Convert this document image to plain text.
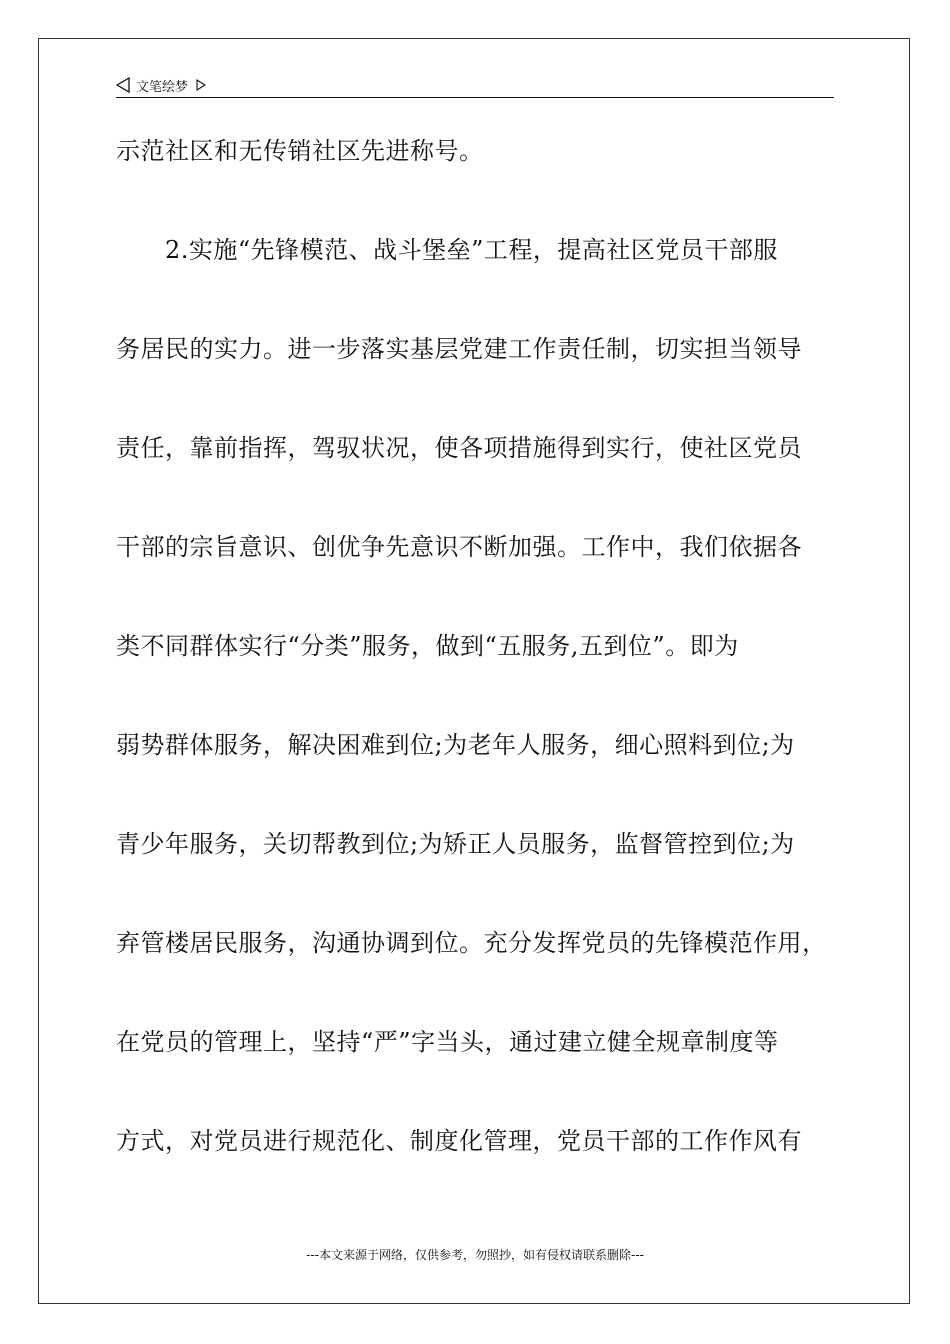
文笔绘梦
示范社区和无传销社区先进称号。
　　2.实施“先锋模范、战斗堡垒”工程，提高社区党员干部服
务居民的实力。进一步落实基层党建工作责任制，切实担当领导
责任，靠前指挥，驾驭状况，使各项措施得到实行，使社区党员
干部的宗旨意识、创优争先意识不断加强。工作中，我们依据各
类不同群体实行“分类”服务，做到“五服务,五到位”。即为
弱势群体服务，解决困难到位;为老年人服务，细心照料到位;为
青少年服务，关切帮教到位;为矫正人员服务，监督管控到位;为
弃管楼居民服务，沟通协调到位。充分发挥党员的先锋模范作用，
在党员的管理上，坚持“严”字当头，通过建立健全规章制度等
方式，对党员进行规范化、制度化管理，党员干部的工作作风有
---本文来源于网络，仅供参考，勿照抄，如有侵权请联系删除---
